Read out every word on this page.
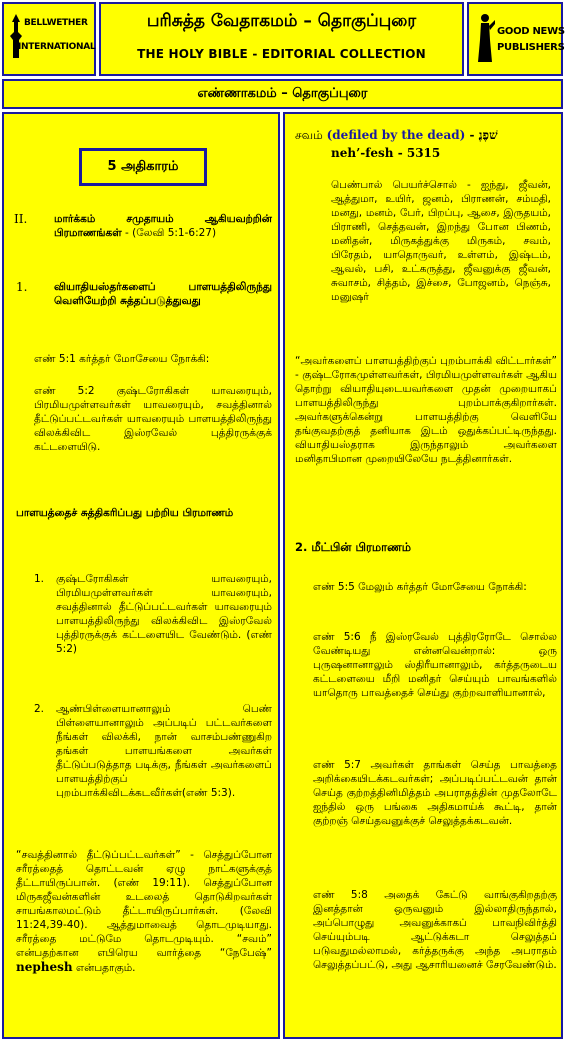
BELLWETHER
INTERNATIONAL
பரிசுத்த வேதாகமம் – தொகுப்புரை
THE HOLY BIBLE - EDITORIAL COLLECTION
GOOD NEWS
PUBLISHERS
எண்ணாகமம் – தொகுப்புரை
5 அதிகாரம்
II.	மார்க்கம் சமுதாயம் ஆகியவற்றின் பிரமாணங்கள் - (லேவி 5:1-6:27)
1.	வியாதியஸ்தர்களைப் பாளயத்திலிருந்து வெளியேற்றி சுத்தப்படுத்துவது
எண் 5:1 கர்த்தர் மோசேயை நோக்கி:
எண் 5:2 குஷ்டரோகிகள் யாவரையும், பிரமியமுள்ளவர்கள் யாவரையும், சவத்தினால் தீட்டுப்பட்டவர்கள் யாவரையும் பாளயத்திலிருந்து விலக்கிவிட இஸ்ரவேல் புத்திரருக்குக் கட்டளையிடு.
பாளயத்தைச் சுத்திகரிப்பது பற்றிய பிரமாணம்
1. குஷ்டரோகிகள் யாவரையும், பிரமியமுள்ளவர்கள் யாவரையும், சவத்தினால் தீட்டுப்பட்டவர்கள் யாவரையும் பாளயத்திலிருந்து விலக்கிவிட இஸ்ரவேல் புத்திரருக்குக் கட்டளையிட வேண்டும். (எண் 5:2)
2. ஆண்பிள்ளையானாலும் பெண் பிள்ளையானாலும் அப்படிப் பட்டவர்களை நீங்கள் விலக்கி, நான் வாசம்பண்ணுகிற தங்கள் பாளயங்களை அவர்கள் தீட்டுப்படுத்தாத படிக்கு, நீங்கள் அவர்களைப் பாளயத்திற்குப் புறம்பாக்கிவிடக்கடவீர்கள்(எண் 5:3).
“சவத்தினால் தீட்டுப்பட்டவர்கள்” - செத்துப்போன சரீரத்தைத் தொட்டவன் ஏழு நாட்களுக்குத் தீட்டாயிருப்பான். (எண் 19:11). செத்துப்போன மிருகஜீவன்களின் உடலைத் தொடுகிறவர்கள் சாயங்காலமட்டும் தீட்டாயிருப்பார்கள். (லேவி 11:24,39-40). ஆத்துமாவைத் தொடமுடியாது. சரீரத்தை மட்டுமே தொடமுடியும். “சவம்” என்பதற்கான எபிரெய வார்த்தை “நேபேஷ்” nephesh என்பதாகும்.
சவம் (defiled by the dead) - שׁפֶנֶ
neh’-fesh - 5315
பெண்பால் பெயர்ச்சொல் - ஐந்து, ஜீவன், ஆத்துமா, உயிர், ஜனம், பிராணன், சம்மதி, மனது, மனம், பேர், பிறப்பு, ஆசை, இருதயம், பிராணி, செத்தவன், இறந்து போன பிணம், மனிதன், மிருகத்துக்கு மிருகம், சவம், பிரேதம், யாதொருவர், உள்ளம், இஷ்டம், ஆவல், பசி, உட்கருத்து, ஜீவனுக்கு ஜீவன், சுவாசம், சித்தம், இச்சை, போஜனம், நெஞ்சு, மனுஷர்
“அவர்களைப் பாளயத்திற்குப் புறம்பாக்கி விட்டார்கள்” - குஷ்டரோகமுள்ளவர்கள், பிரமியமுள்ளவர்கள் ஆகிய தொற்று வியாதியுடையவர்களை முதன் முறையாகப் பாளயத்திலிருந்து புறம்பாக்குகிறார்கள். அவர்களுக்கென்று பாளயத்திற்கு வெளியே தங்குவதற்குத் தனியாக இடம் ஒதுக்கப்பட்டிருந்தது. வியாதியஸ்தராக இருந்தாலும் அவர்களை மனிதாபிமான முறையிலேயே நடத்தினார்கள்.
2. மீட்பின் பிரமாணம்
எண் 5:5 மேலும் கர்த்தர் மோசேயை நோக்கி:
எண் 5:6 நீ இஸ்ரவேல் புத்திரரோடே சொல்ல வேண்டியது என்னவென்றால்: ஒரு புருஷனானாலும் ஸ்திரீயானாலும், கர்த்தருடைய கட்டளையை மீறி மனிதர் செய்யும் பாவங்களில் யாதொரு பாவத்தைச் செய்து குற்றவாளியானால்,
எண் 5:7 அவர்கள் தாங்கள் செய்த பாவத்தை அறிக்கையிடக்கடவர்கள்; அப்படிப்பட்டவன் தான் செய்த குற்றத்தினிமித்தம் அபராதத்தின் முதலோடே ஐந்தில் ஒரு பங்கை அதிகமாய்க் கூட்டி, தான் குற்றஞ் செய்தவனுக்குச் செலுத்தக்கடவன்.
எண் 5:8 அதைக் கேட்டு வாங்குகிறதற்கு இனத்தான் ஒருவனும் இல்லாதிருந்தால், அப்பொழுது அவனுக்காகப் பாவநிவிர்த்தி செய்யும்படி ஆட்டுக்கடா செலுத்தப் படுவதுமல்லாமல், கர்த்தருக்கு அந்த அபராதம் செலுத்தப்பட்டு, அது ஆசாரியனைச் சேரவேண்டும்.
